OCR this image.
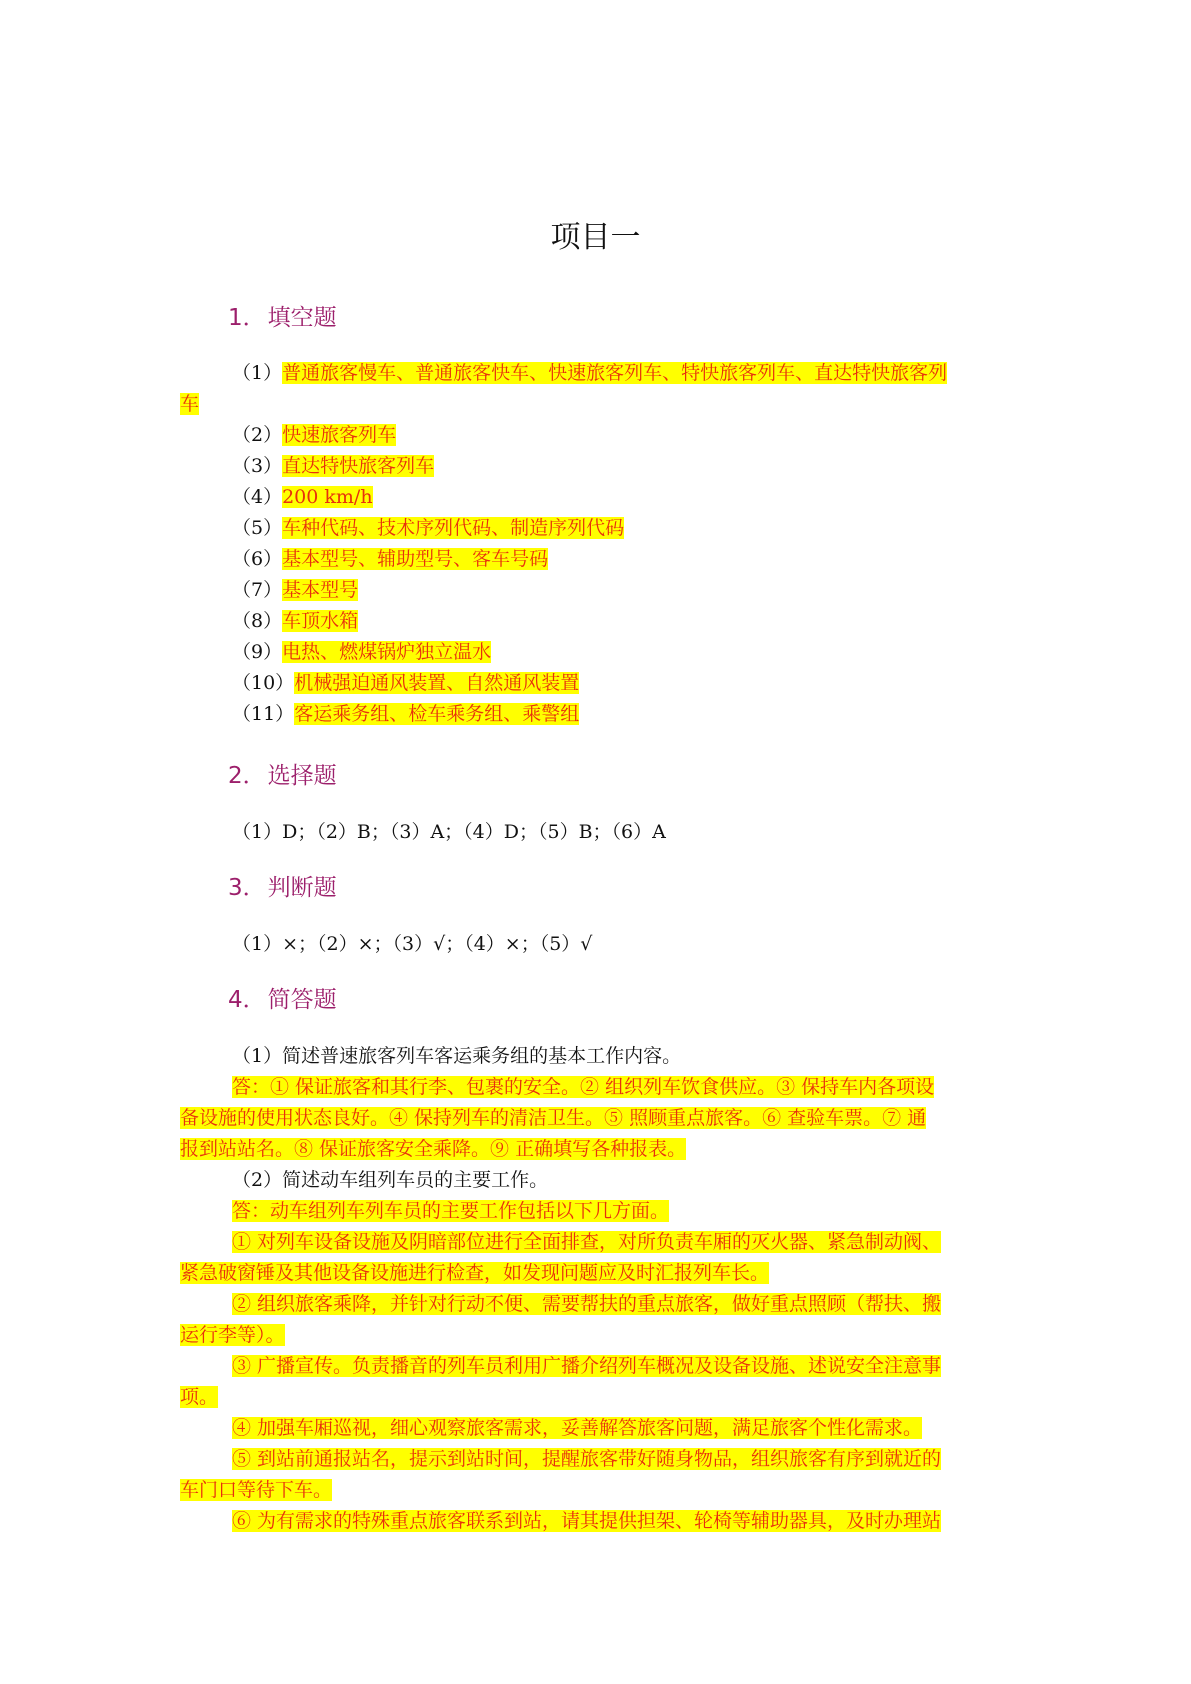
项目一
1．填空题
（1）普通旅客慢车、普通旅客快车、快速旅客列车、特快旅客列车、直达特快旅客列
车
（2）快速旅客列车
（3）直达特快旅客列车
（4）200 km/h
（5）车种代码、技术序列代码、制造序列代码
（6）基本型号、辅助型号、客车号码
（7）基本型号
（8）车顶水箱
（9）电热、燃煤锅炉独立温水
（10）机械强迫通风装置、自然通风装置
（11）客运乘务组、检车乘务组、乘警组
2．选择题
（1）D；（2）B；（3）A；（4）D；（5）B；（6）A
3．判断题
（1）×；（2）×；（3）√；（4）×；（5）√
4．简答题
（1）简述普速旅客列车客运乘务组的基本工作内容。
答：① 保证旅客和其行李、包裹的安全。② 组织列车饮食供应。③ 保持车内各项设
备设施的使用状态良好。④ 保持列车的清洁卫生。⑤ 照顾重点旅客。⑥ 查验车票。⑦ 通
报到站站名。⑧ 保证旅客安全乘降。⑨ 正确填写各种报表。
（2）简述动车组列车员的主要工作。
答：动车组列车列车员的主要工作包括以下几方面。
① 对列车设备设施及阴暗部位进行全面排查，对所负责车厢的灭火器、紧急制动阀、
紧急破窗锤及其他设备设施进行检查，如发现问题应及时汇报列车长。
② 组织旅客乘降，并针对行动不便、需要帮扶的重点旅客，做好重点照顾（帮扶、搬
运行李等）。
③ 广播宣传。负责播音的列车员利用广播介绍列车概况及设备设施、述说安全注意事
项。
④ 加强车厢巡视，细心观察旅客需求，妥善解答旅客问题，满足旅客个性化需求。
⑤ 到站前通报站名，提示到站时间，提醒旅客带好随身物品，组织旅客有序到就近的
车门口等待下车。
⑥ 为有需求的特殊重点旅客联系到站，请其提供担架、轮椅等辅助器具，及时办理站
